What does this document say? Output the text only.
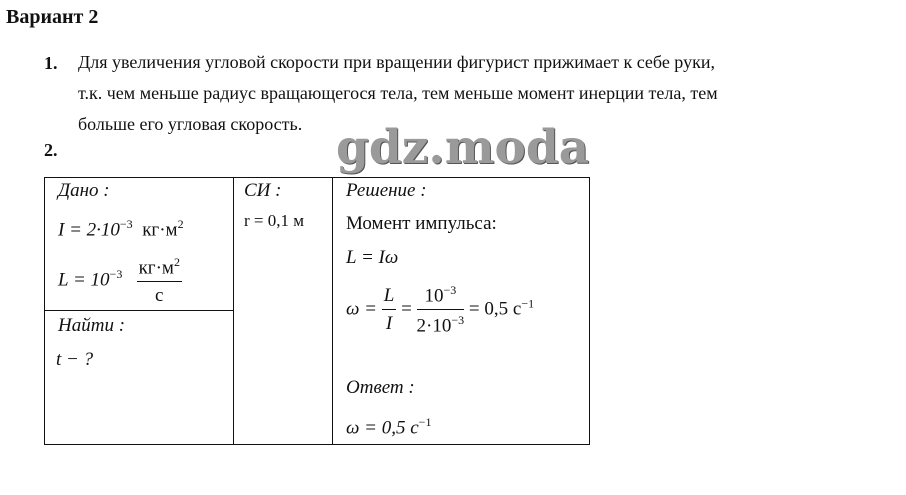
Вариант 2
1. Для увеличения угловой скорости при вращении фигурист прижимает к себе руки,
т.к. чем меньше радиус вращающегося тела, тем меньше момент инерции тела, тем
больше его угловая скорость.
2.	gdz.moda
Дано :
$I = 2\cdot 10^{-3}$ $кг\cdot м^2$
$L = 10^{-3} \frac{кг\cdot м^2}{с}$
СИ :
r = 0,1 м
Найти :
t − ?
Решение :
Момент импульса:
L = Iω
$\omega = \frac{L}{I} = \frac{10^{-3}}{2\cdot 10^{-3}} = 0,5$ $с^{-1}$
Ответ :
ω = 0,5 $с^{-1}$
